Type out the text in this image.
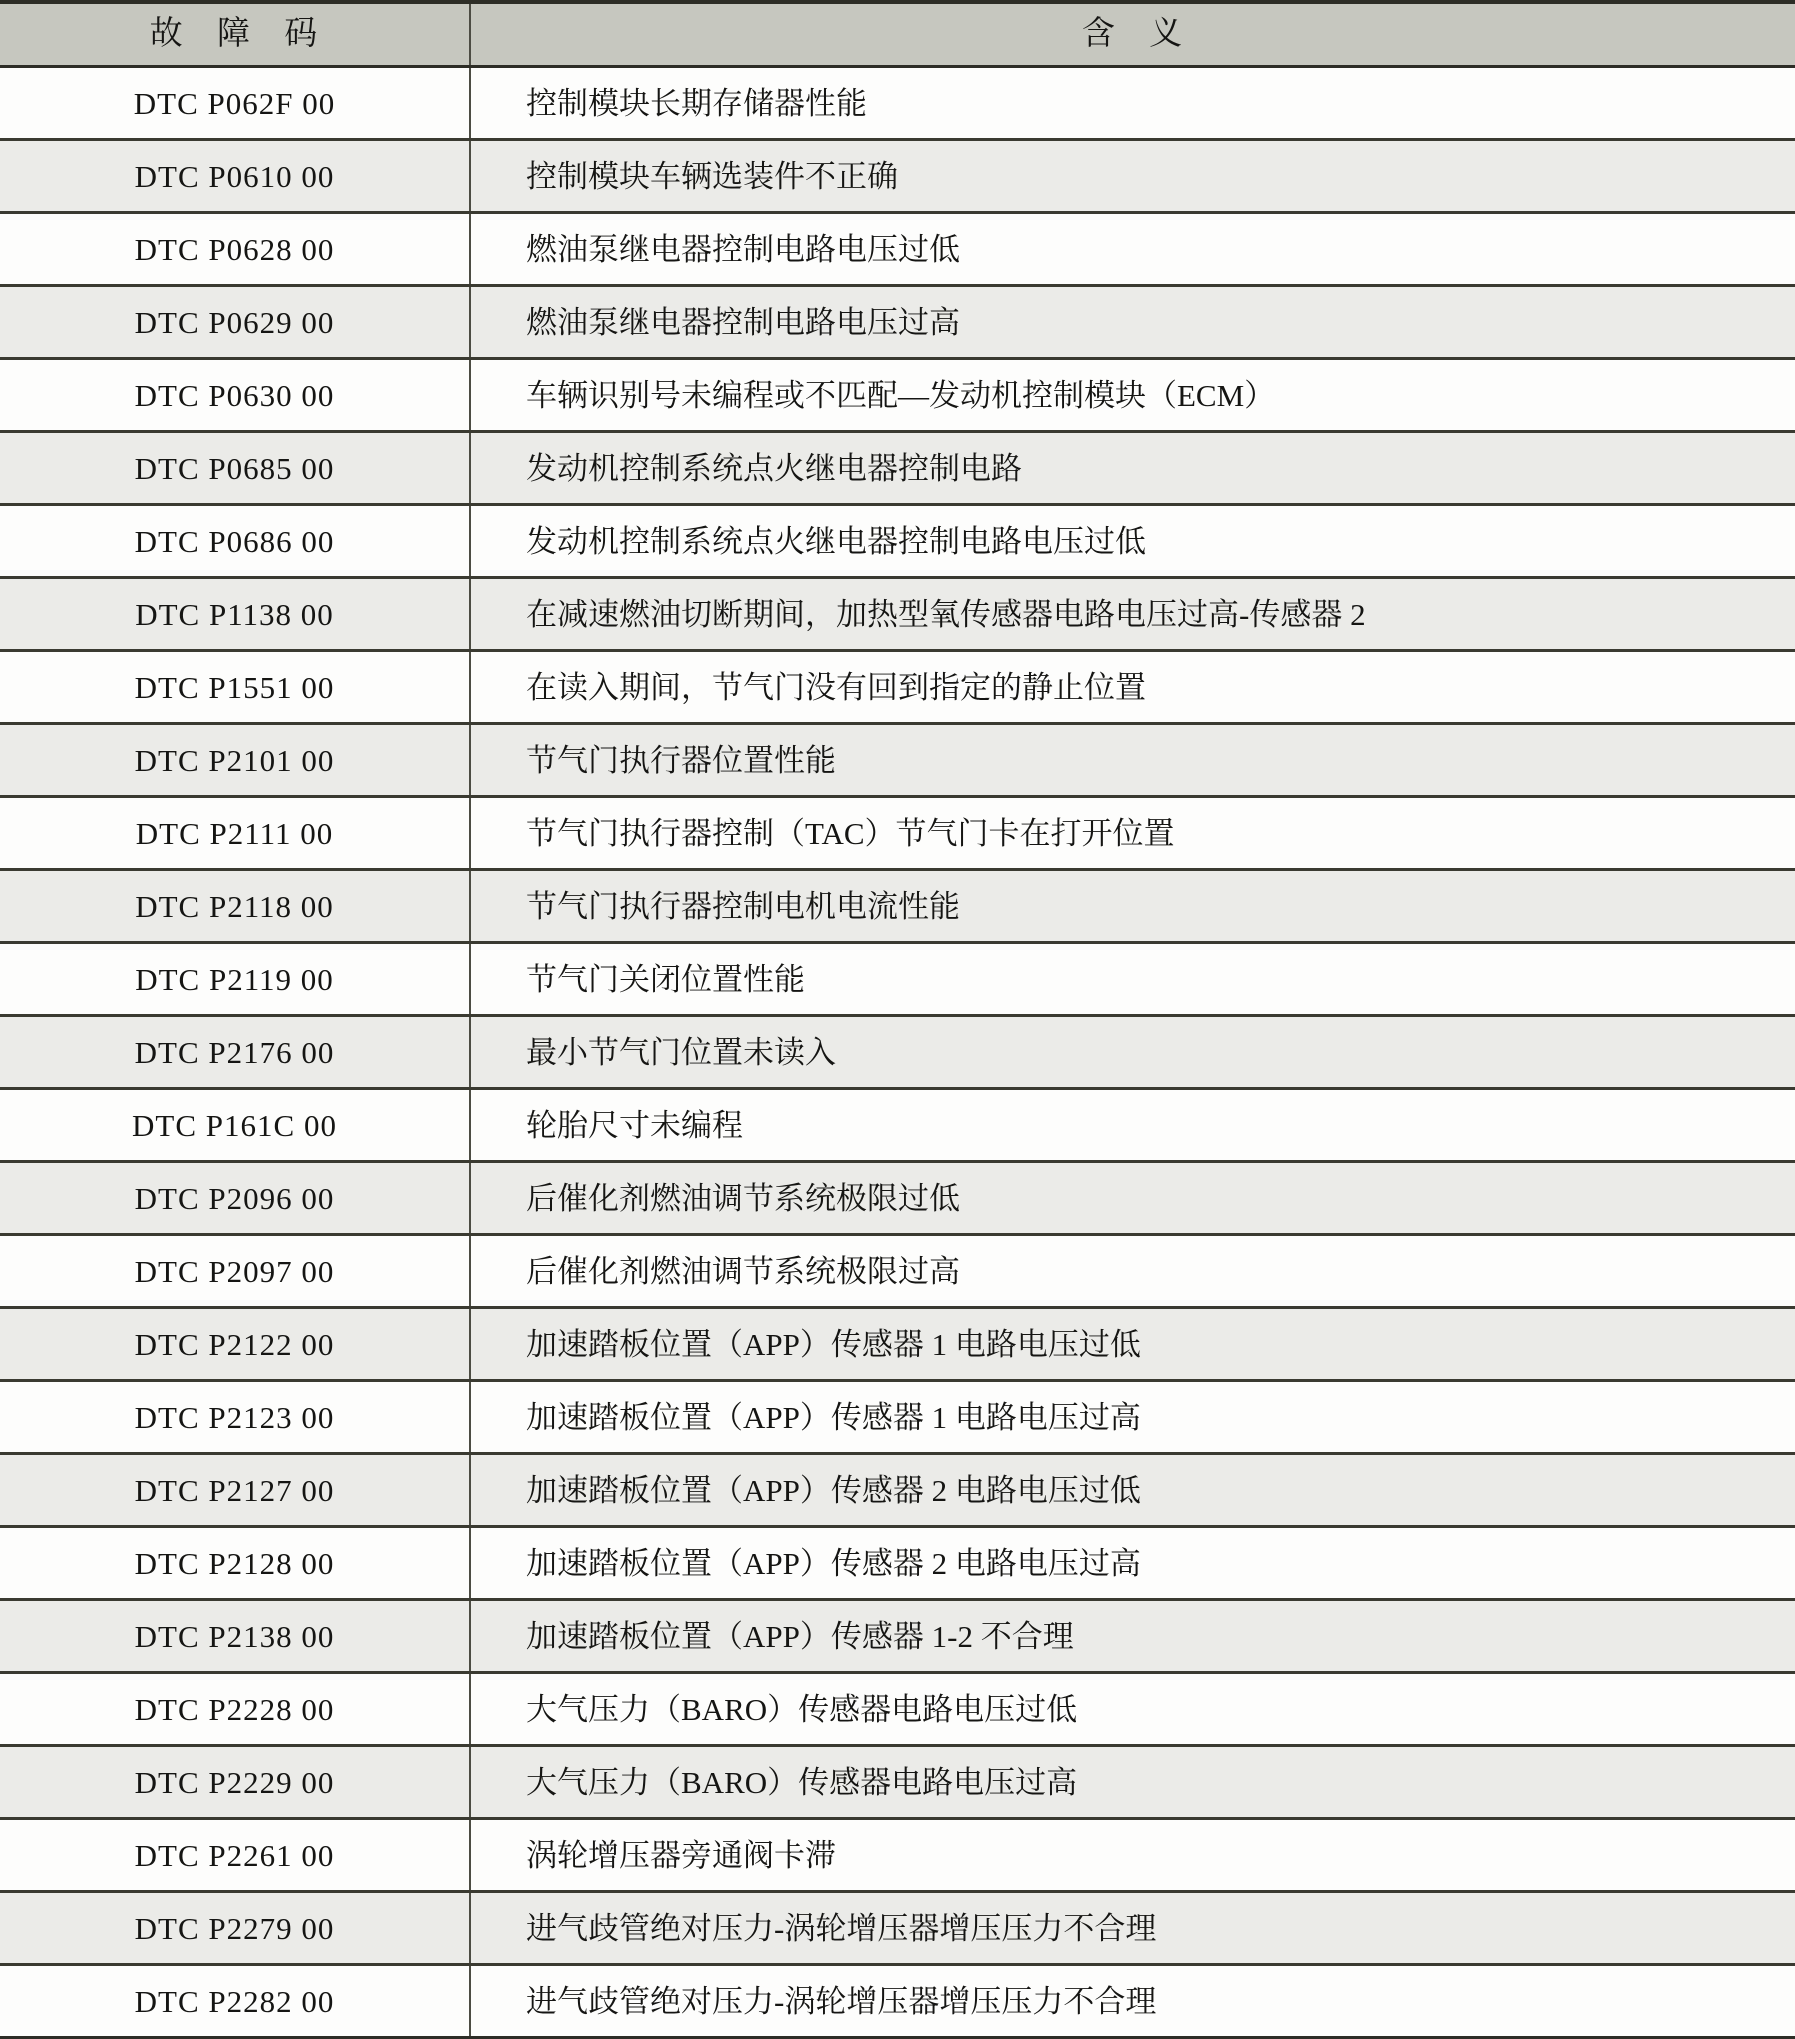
故 障 码	含 义
DTC P062F 00	控制模块长期存储器性能
DTC P0610 00	控制模块车辆选装件不正确
DTC P0628 00	燃油泵继电器控制电路电压过低
DTC P0629 00	燃油泵继电器控制电路电压过高
DTC P0630 00	车辆识别号未编程或不匹配—发动机控制模块（ECM）
DTC P0685 00	发动机控制系统点火继电器控制电路
DTC P0686 00	发动机控制系统点火继电器控制电路电压过低
DTC P1138 00	在减速燃油切断期间，加热型氧传感器电路电压过高-传感器 2
DTC P1551 00	在读入期间，节气门没有回到指定的静止位置
DTC P2101 00	节气门执行器位置性能
DTC P2111 00	节气门执行器控制（TAC）节气门卡在打开位置
DTC P2118 00	节气门执行器控制电机电流性能
DTC P2119 00	节气门关闭位置性能
DTC P2176 00	最小节气门位置未读入
DTC P161C 00	轮胎尺寸未编程
DTC P2096 00	后催化剂燃油调节系统极限过低
DTC P2097 00	后催化剂燃油调节系统极限过高
DTC P2122 00	加速踏板位置（APP）传感器 1 电路电压过低
DTC P2123 00	加速踏板位置（APP）传感器 1 电路电压过高
DTC P2127 00	加速踏板位置（APP）传感器 2 电路电压过低
DTC P2128 00	加速踏板位置（APP）传感器 2 电路电压过高
DTC P2138 00	加速踏板位置（APP）传感器 1-2 不合理
DTC P2228 00	大气压力（BARO）传感器电路电压过低
DTC P2229 00	大气压力（BARO）传感器电路电压过高
DTC P2261 00	涡轮增压器旁通阀卡滞
DTC P2279 00	进气歧管绝对压力-涡轮增压器增压压力不合理
DTC P2282 00	进气歧管绝对压力-涡轮增压器增压压力不合理
